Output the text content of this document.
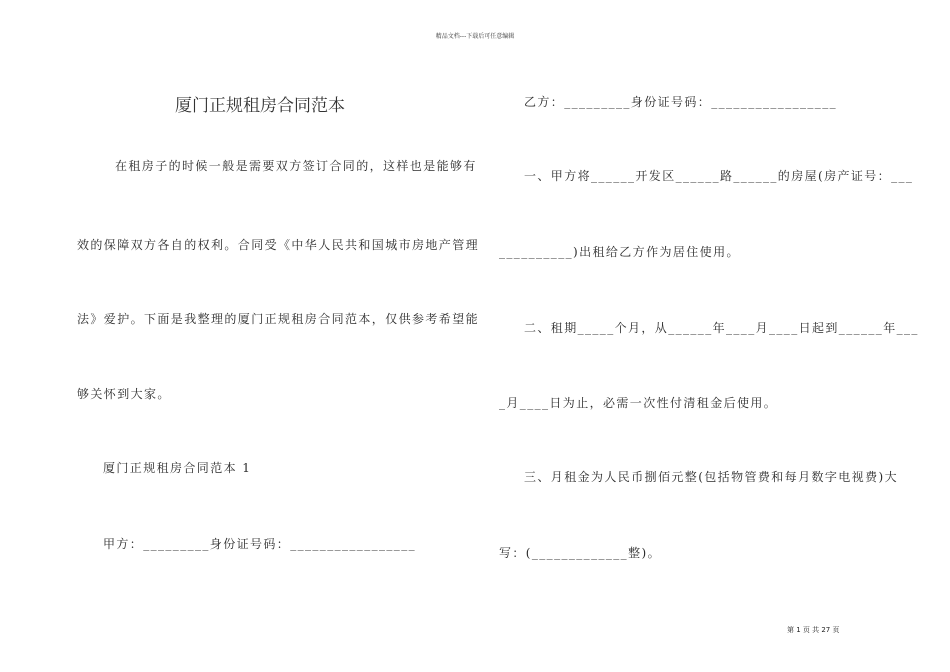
精品文档---下载后可任意编辑
厦门正规租房合同范本
在租房子的时候一般是需要双方签订合同的，这样也是能够有
效的保障双方各自的权利。合同受《中华人民共和国城市房地产管理
法》爱护。下面是我整理的厦门正规租房合同范本，仅供参考希望能
够关怀到大家。
厦门正规租房合同范本 1
甲方：_________身份证号码：_________________
乙方：_________身份证号码：_________________
一、甲方将______开发区______路______的房屋(房产证号：___
__________)出租给乙方作为居住使用。
二、租期_____个月，从______年____月____日起到______年___
_月____日为止，必需一次性付清租金后使用。
三、月租金为人民币捌佰元整(包括物管费和每月数字电视费)大
写：(_____________整)。
第 1 页 共 27 页
